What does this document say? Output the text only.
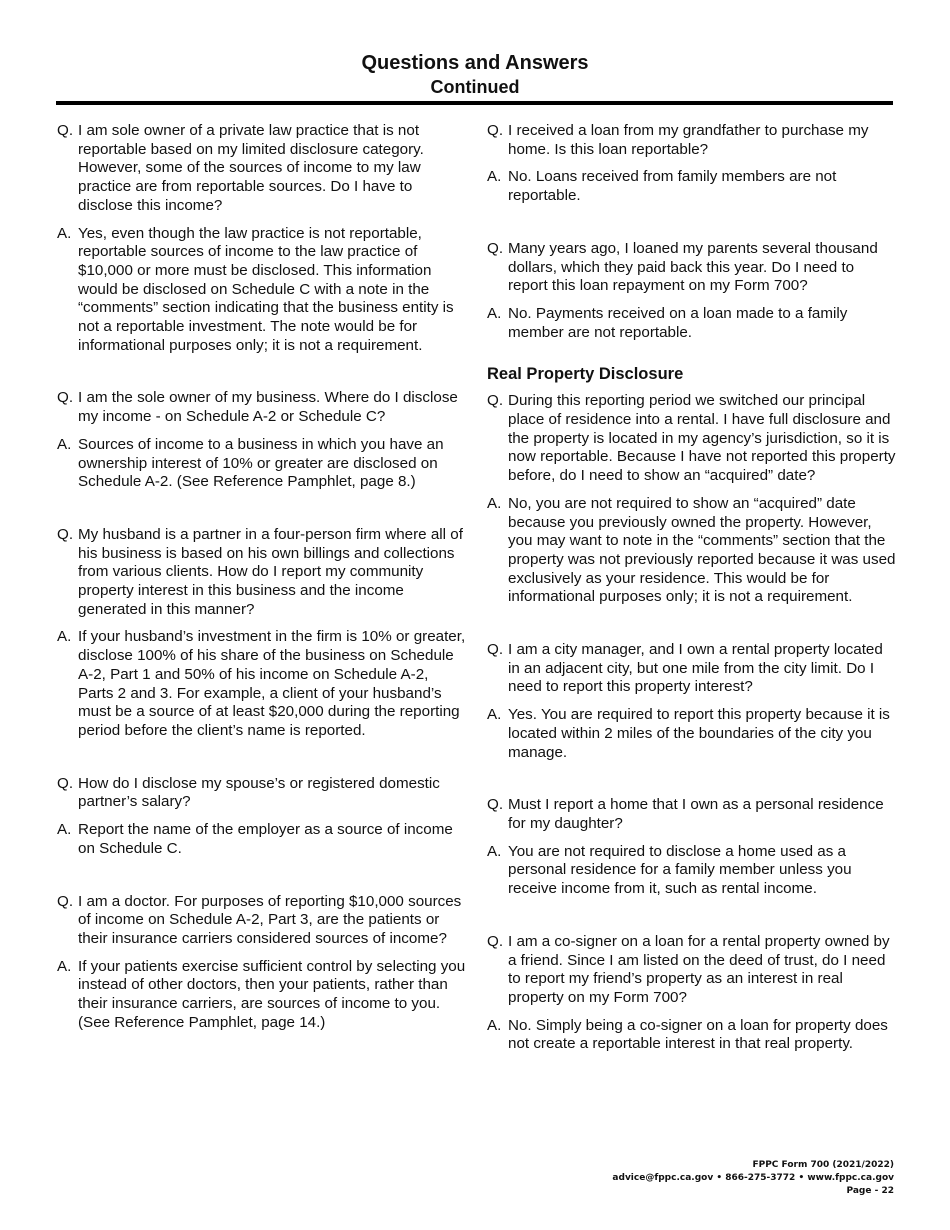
Questions and Answers
Continued
Q. I am sole owner of a private law practice that is not reportable based on my limited disclosure category. However, some of the sources of income to my law practice are from reportable sources. Do I have to disclose this income?
A. Yes, even though the law practice is not reportable, reportable sources of income to the law practice of $10,000 or more must be disclosed. This information would be disclosed on Schedule C with a note in the “comments” section indicating that the business entity is not a reportable investment. The note would be for informational purposes only; it is not a requirement.
Q. I am the sole owner of my business. Where do I disclose my income - on Schedule A-2 or Schedule C?
A. Sources of income to a business in which you have an ownership interest of 10% or greater are disclosed on Schedule A-2. (See Reference Pamphlet, page 8.)
Q. My husband is a partner in a four-person firm where all of his business is based on his own billings and collections from various clients. How do I report my community property interest in this business and the income generated in this manner?
A. If your husband’s investment in the firm is 10% or greater, disclose 100% of his share of the business on Schedule A-2, Part 1 and 50% of his income on Schedule A-2, Parts 2 and 3. For example, a client of your husband’s must be a source of at least $20,000 during the reporting period before the client’s name is reported.
Q. How do I disclose my spouse’s or registered domestic partner’s salary?
A. Report the name of the employer as a source of income on Schedule C.
Q. I am a doctor. For purposes of reporting $10,000 sources of income on Schedule A-2, Part 3, are the patients or their insurance carriers considered sources of income?
A. If your patients exercise sufficient control by selecting you instead of other doctors, then your patients, rather than their insurance carriers, are sources of income to you. (See Reference Pamphlet, page 14.)
Q. I received a loan from my grandfather to purchase my home. Is this loan reportable?
A. No. Loans received from family members are not reportable.
Q. Many years ago, I loaned my parents several thousand dollars, which they paid back this year. Do I need to report this loan repayment on my Form 700?
A. No. Payments received on a loan made to a family member are not reportable.
Real Property Disclosure
Q. During this reporting period we switched our principal place of residence into a rental. I have full disclosure and the property is located in my agency’s jurisdiction, so it is now reportable. Because I have not reported this property before, do I need to show an “acquired” date?
A. No, you are not required to show an “acquired” date because you previously owned the property. However, you may want to note in the “comments” section that the property was not previously reported because it was used exclusively as your residence. This would be for informational purposes only; it is not a requirement.
Q. I am a city manager, and I own a rental property located in an adjacent city, but one mile from the city limit. Do I need to report this property interest?
A. Yes. You are required to report this property because it is located within 2 miles of the boundaries of the city you manage.
Q. Must I report a home that I own as a personal residence for my daughter?
A. You are not required to disclose a home used as a personal residence for a family member unless you receive income from it, such as rental income.
Q. I am a co-signer on a loan for a rental property owned by a friend. Since I am listed on the deed of trust, do I need to report my friend’s property as an interest in real property on my Form 700?
A. No. Simply being a co-signer on a loan for property does not create a reportable interest in that real property.
FPPC Form 700 (2021/2022)
advice@fppc.ca.gov • 866-275-3772 • www.fppc.ca.gov
Page - 22
